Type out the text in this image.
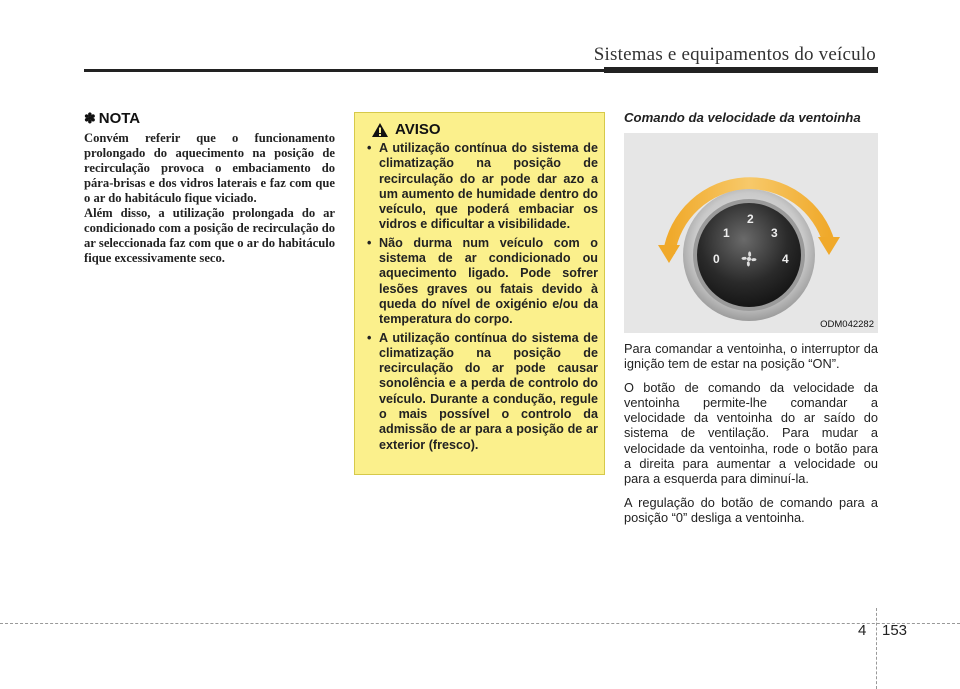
Sistemas e equipamentos do veículo
✽ NOTA

Convém referir que o funcionamento prolongado do aquecimento na posição de recirculação provoca o embaciamento do pára-brisas e dos vidros laterais e faz com que o ar do habitáculo fique viciado.

Além disso, a utilização prolongada do ar condicionado com a posição de recirculação do ar seleccionada faz com que o ar do habitáculo fique excessivamente seco.

AVISO
• A utilização contínua do sistema de climatização na posição de recirculação do ar pode dar azo a um aumento de humidade dentro do veículo, que poderá embaciar os vidros e dificultar a visibilidade.
• Não durma num veículo com o sistema de ar condicionado ou aquecimento ligado. Pode sofrer lesões graves ou fatais devido à queda do nível de oxigénio e/ou da temperatura do corpo.
• A utilização contínua do sistema de climatização na posição de recirculação do ar pode causar sonolência e a perda de controlo do veículo. Durante a condução, regule o mais possível o controlo da admissão de ar para a posição de ar exterior (fresco).
Comando da velocidade da ventoinha
0
1
2
3
4
ODM042282

Para comandar a ventoinha, o interruptor da ignição tem de estar na posição “ON”.

O botão de comando da velocidade da ventoinha permite-lhe comandar a velocidade da ventoinha do ar saído do sistema de ventilação. Para mudar a velocidade da ventoinha, rode o botão para a direita para aumentar a velocidade ou para a esquerda para diminuí-la.

A regulação do botão de comando para a posição “0” desliga a ventoinha.

4 153
